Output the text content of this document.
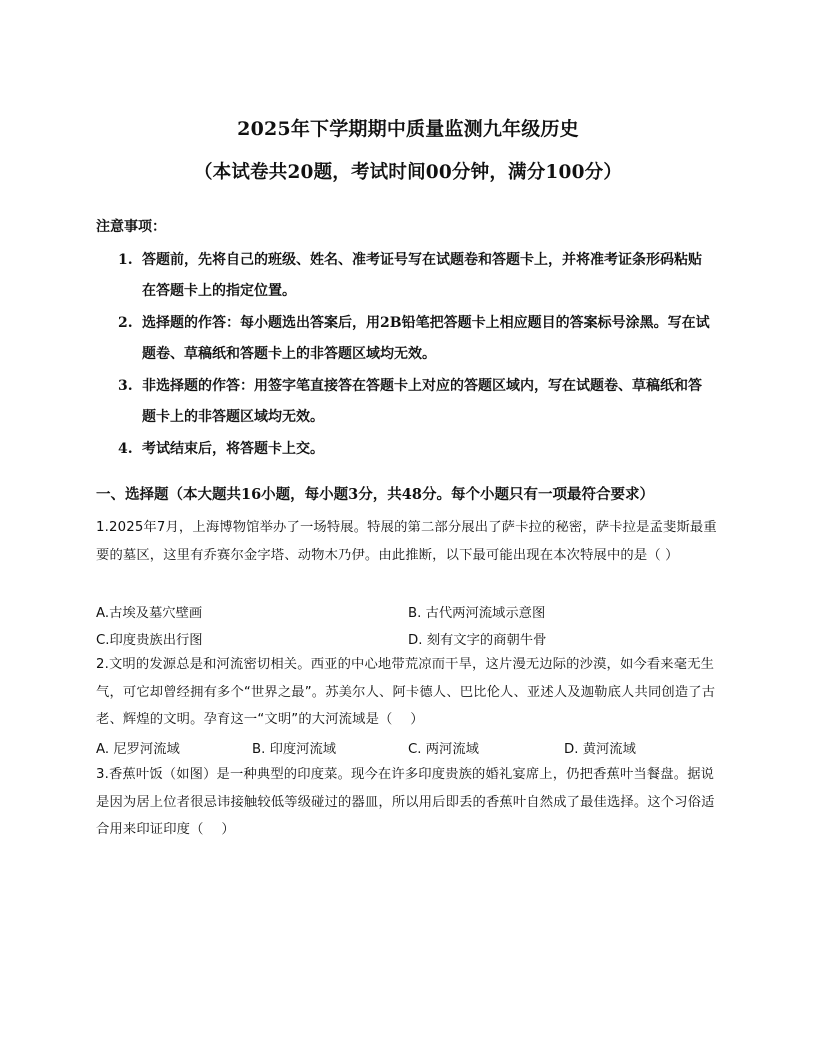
2025年下学期期中质量监测九年级历史
（本试卷共20题，考试时间00分钟，满分100分）
注意事项：
1. 答题前，先将自己的班级、姓名、准考证号写在试题卷和答题卡上，并将准考证条形码粘贴在答题卡上的指定位置。
2. 选择题的作答：每小题选出答案后，用2B铅笔把答题卡上相应题目的答案标号涂黑。写在试题卷、草稿纸和答题卡上的非答题区域均无效。
3. 非选择题的作答：用签字笔直接答在答题卡上对应的答题区域内，写在试题卷、草稿纸和答题卡上的非答题区域均无效。
4. 考试结束后，将答题卡上交。
一、选择题（本大题共16小题，每小题3分，共48分。每个小题只有一项最符合要求）
1.2025年7月，上海博物馆举办了一场特展。特展的第二部分展出了萨卡拉的秘密，萨卡拉是孟斐斯最重要的墓区，这里有乔赛尔金字塔、动物木乃伊。由此推断，以下最可能出现在本次特展中的是（ ）
A.古埃及墓穴壁画	B. 古代两河流域示意图
C.印度贵族出行图	D. 刻有文字的商朝牛骨
2.文明的发源总是和河流密切相关。西亚的中心地带荒凉而干旱，这片漫无边际的沙漠，如今看来毫无生气，可它却曾经拥有多个“世界之最”。苏美尔人、阿卡德人、巴比伦人、亚述人及迦勒底人共同创造了古老、辉煌的文明。孕育这一“文明”的大河流域是（　 ）
A. 尼罗河流域	B. 印度河流域	C. 两河流域	D. 黄河流域
3.香蕉叶饭（如图）是一种典型的印度菜。现今在许多印度贵族的婚礼宴席上，仍把香蕉叶当餐盘。据说是因为居上位者很忌讳接触较低等级碰过的器皿，所以用后即丢的香蕉叶自然成了最佳选择。这个习俗适合用来印证印度（　 ）
